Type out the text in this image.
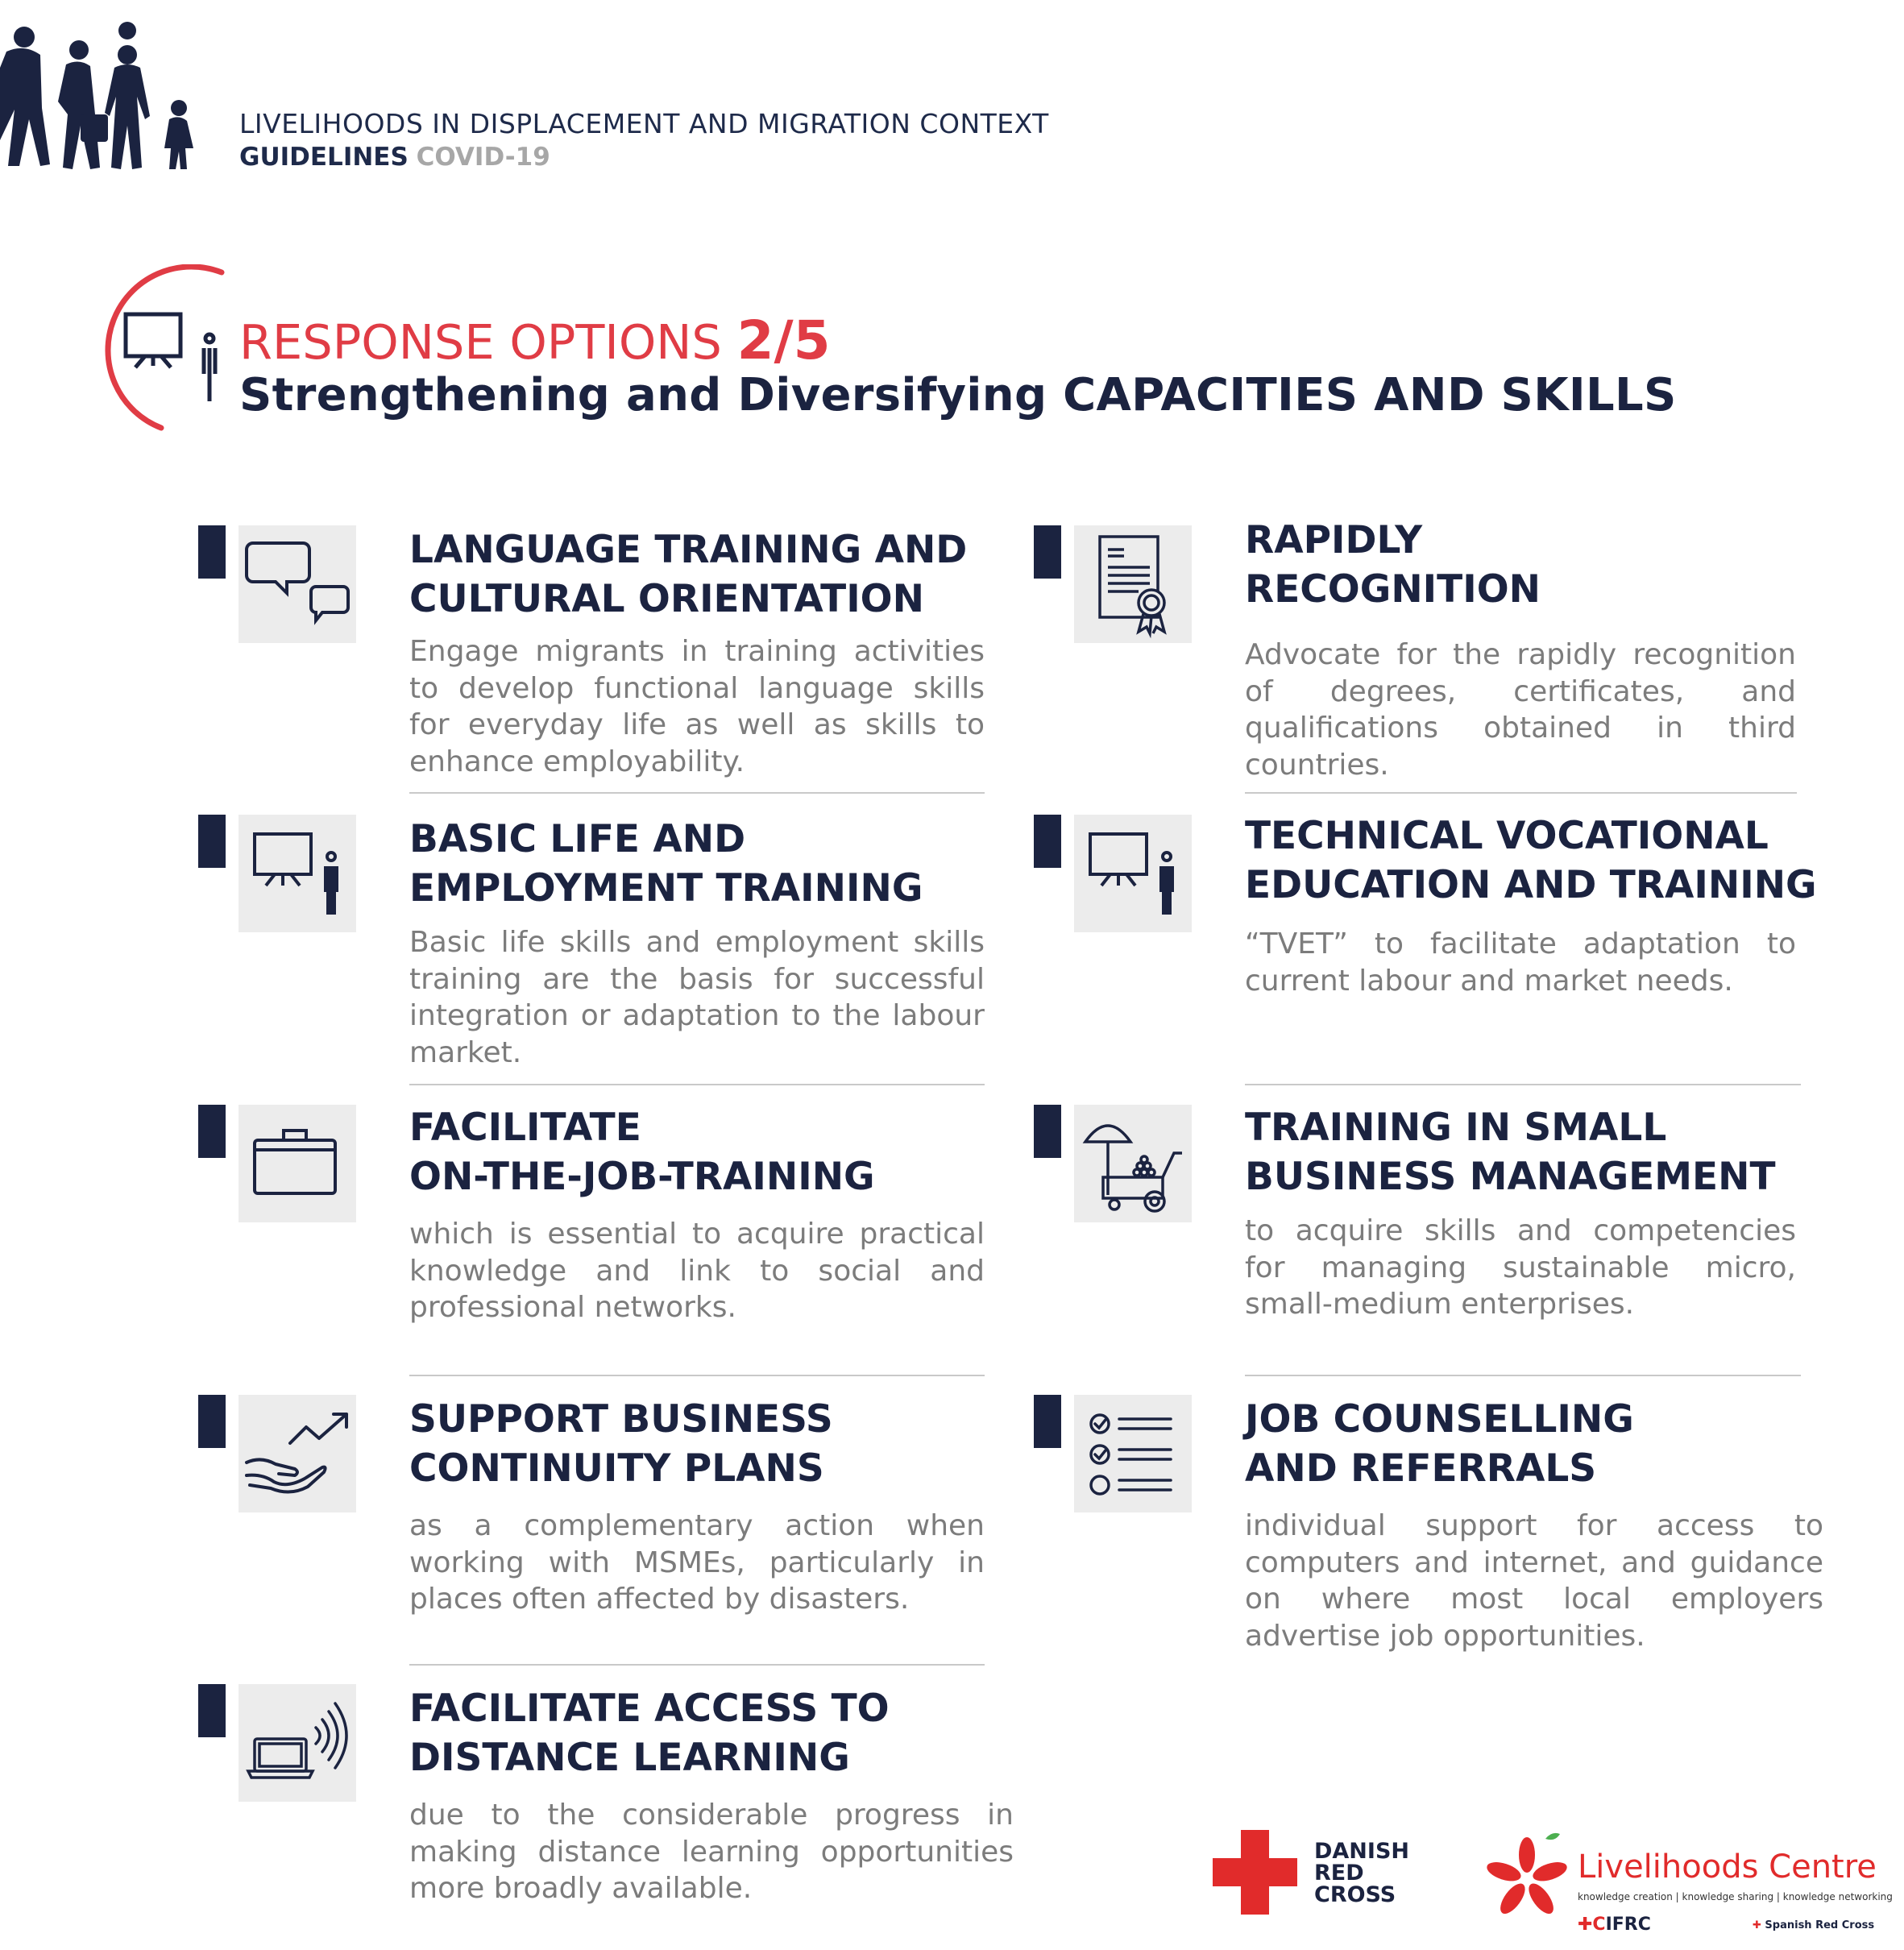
LIVELIHOODS IN DISPLACEMENT AND MIGRATION CONTEXT
GUIDELINES COVID-19
RESPONSE OPTIONS 2/5
Strengthening and Diversifying CAPACITIES AND SKILLS
LANGUAGE TRAINING AND
CULTURAL ORIENTATION
Engage migrants in training activities to develop functional language skills for everyday life as well as skills to enhance employability.
RAPIDLY
RECOGNITION
Advocate for the rapidly recognition of degrees, certificates, and qualifications obtained in third countries.
BASIC LIFE AND
EMPLOYMENT TRAINING
Basic life skills and employment skills training are the basis for successful integration or adaptation to the labour market.
TECHNICAL VOCATIONAL
EDUCATION AND TRAINING
“TVET” to facilitate adaptation to current labour and market needs.
FACILITATE
ON-THE-JOB-TRAINING
which is essential to acquire practical knowledge and link to social and professional networks.
TRAINING IN SMALL
BUSINESS MANAGEMENT
to acquire skills and competencies for managing sustainable micro, small-medium enterprises.
SUPPORT BUSINESS
CONTINUITY PLANS
as a complementary action when working with MSMEs, particularly in places often affected by disasters.
JOB COUNSELLING
AND REFERRALS
individual support for access to computers and internet, and guidance on where most local employers advertise job opportunities.
FACILITATE ACCESS TO
DISTANCE LEARNING
due to the considerable progress in making distance learning opportunities more broadly available.
DANISH
RED
CROSS
Livelihoods Centre
knowledge creation | knowledge sharing | knowledge networking
✚CIFRC	✚ Spanish Red Cross
